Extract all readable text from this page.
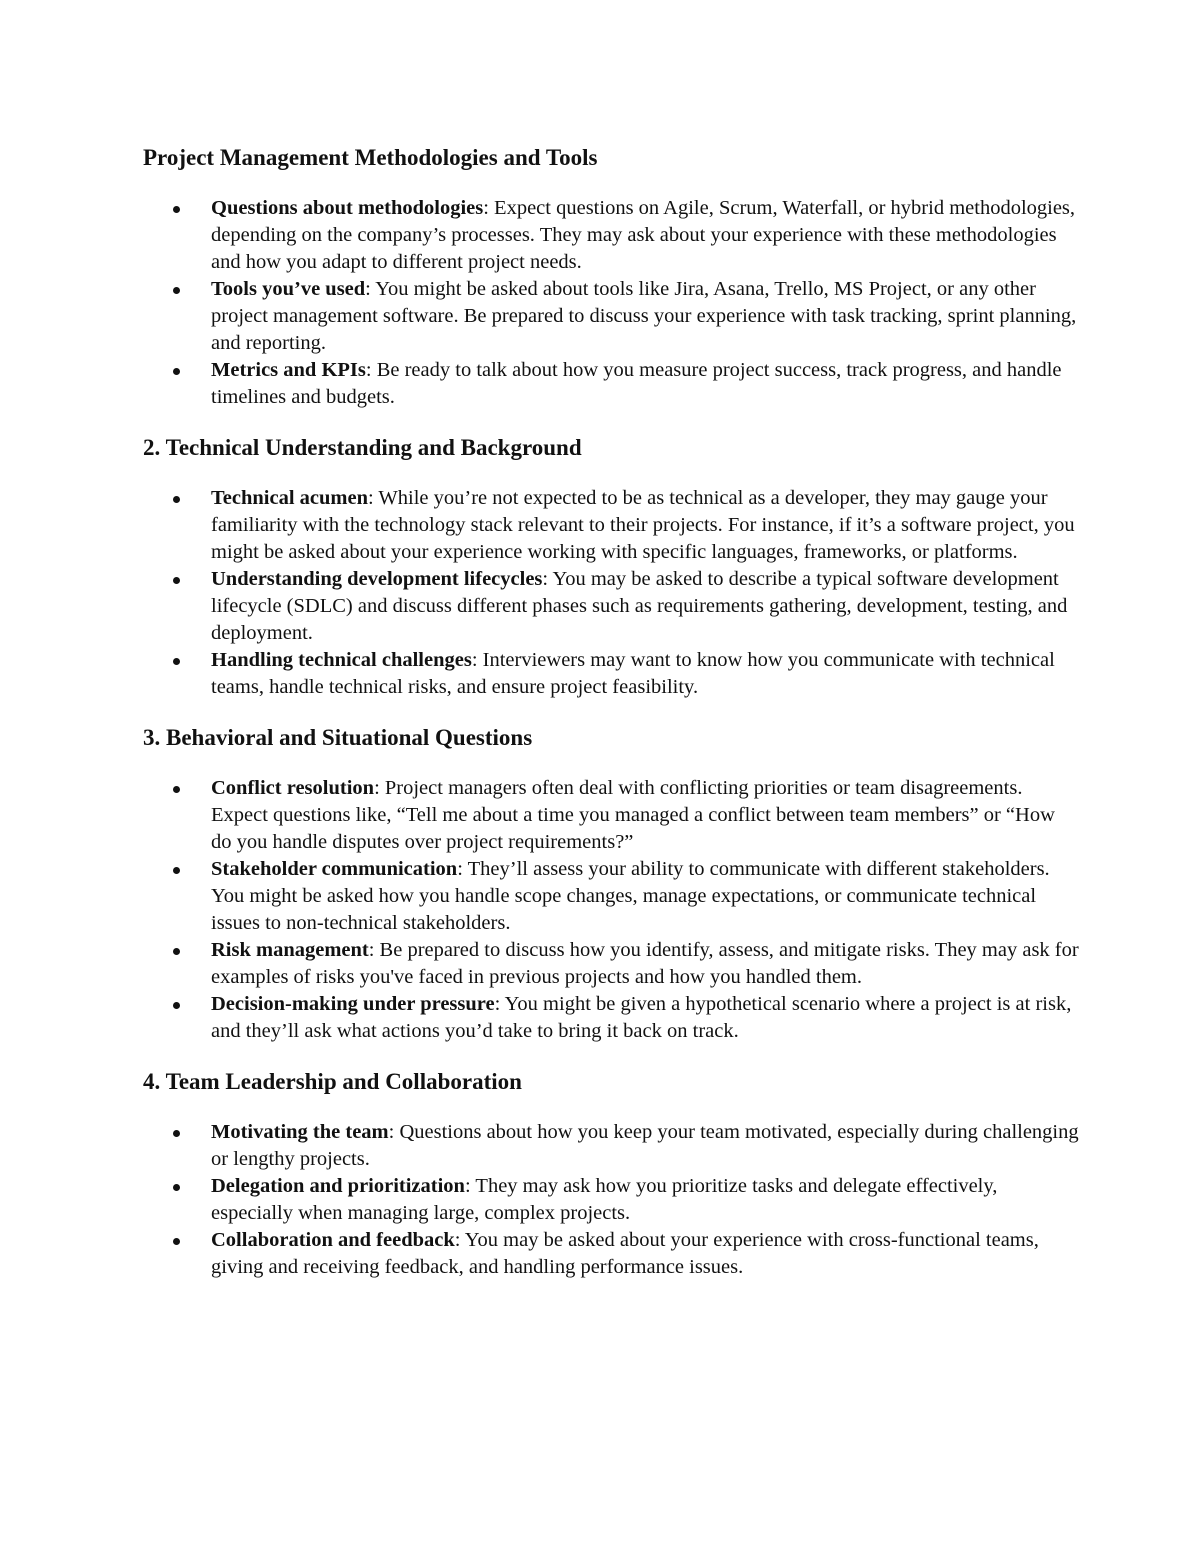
Project Management Methodologies and Tools
Questions about methodologies: Expect questions on Agile, Scrum, Waterfall, or hybrid methodologies, depending on the company’s processes. They may ask about your experience with these methodologies and how you adapt to different project needs.
Tools you’ve used: You might be asked about tools like Jira, Asana, Trello, MS Project, or any other project management software. Be prepared to discuss your experience with task tracking, sprint planning, and reporting.
Metrics and KPIs: Be ready to talk about how you measure project success, track progress, and handle timelines and budgets.
2. Technical Understanding and Background
Technical acumen: While you’re not expected to be as technical as a developer, they may gauge your familiarity with the technology stack relevant to their projects. For instance, if it’s a software project, you might be asked about your experience working with specific languages, frameworks, or platforms.
Understanding development lifecycles: You may be asked to describe a typical software development lifecycle (SDLC) and discuss different phases such as requirements gathering, development, testing, and deployment.
Handling technical challenges: Interviewers may want to know how you communicate with technical teams, handle technical risks, and ensure project feasibility.
3. Behavioral and Situational Questions
Conflict resolution: Project managers often deal with conflicting priorities or team disagreements. Expect questions like, “Tell me about a time you managed a conflict between team members” or “How do you handle disputes over project requirements?”
Stakeholder communication: They’ll assess your ability to communicate with different stakeholders. You might be asked how you handle scope changes, manage expectations, or communicate technical issues to non-technical stakeholders.
Risk management: Be prepared to discuss how you identify, assess, and mitigate risks. They may ask for examples of risks you've faced in previous projects and how you handled them.
Decision-making under pressure: You might be given a hypothetical scenario where a project is at risk, and they’ll ask what actions you’d take to bring it back on track.
4. Team Leadership and Collaboration
Motivating the team: Questions about how you keep your team motivated, especially during challenging or lengthy projects.
Delegation and prioritization: They may ask how you prioritize tasks and delegate effectively, especially when managing large, complex projects.
Collaboration and feedback: You may be asked about your experience with cross-functional teams, giving and receiving feedback, and handling performance issues.
